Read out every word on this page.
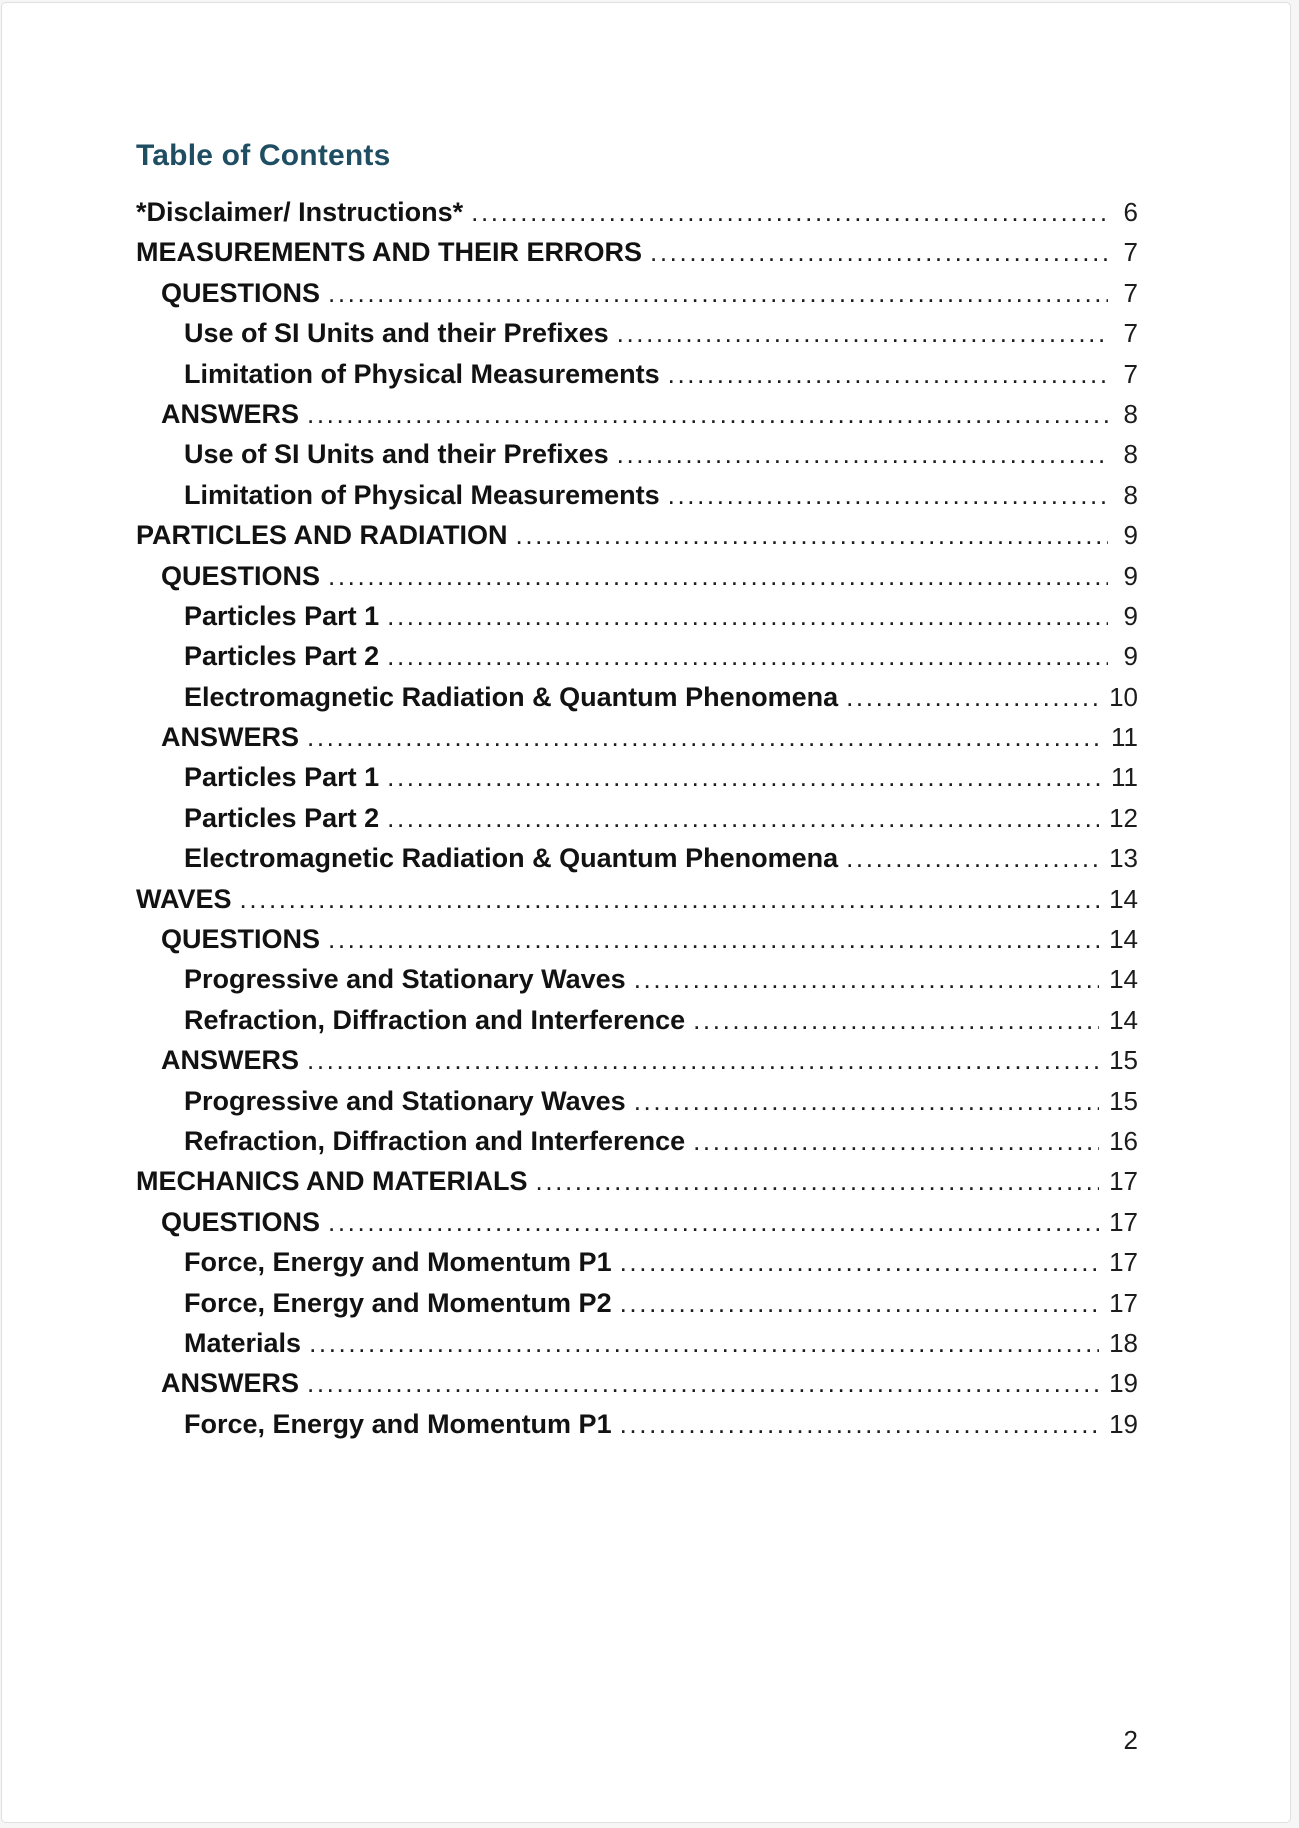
Table of Contents
*Disclaimer/ Instructions* .....	6
MEASUREMENTS AND THEIR ERRORS .....	7
QUESTIONS .....	7
Use of SI Units and their Prefixes .....	7
Limitation of Physical Measurements .....	7
ANSWERS .....	8
Use of SI Units and their Prefixes .....	8
Limitation of Physical Measurements .....	8
PARTICLES AND RADIATION .....	9
QUESTIONS .....	9
Particles Part 1 .....	9
Particles Part 2 .....	9
Electromagnetic Radiation & Quantum Phenomena .....	10
ANSWERS .....	11
Particles Part 1 .....	11
Particles Part 2 .....	12
Electromagnetic Radiation & Quantum Phenomena .....	13
WAVES .....	14
QUESTIONS .....	14
Progressive and Stationary Waves .....	14
Refraction, Diffraction and Interference .....	14
ANSWERS .....	15
Progressive and Stationary Waves .....	15
Refraction, Diffraction and Interference .....	16
MECHANICS AND MATERIALS .....	17
QUESTIONS .....	17
Force, Energy and Momentum P1 .....	17
Force, Energy and Momentum P2 .....	17
Materials .....	18
ANSWERS .....	19
Force, Energy and Momentum P1 .....	19
2
